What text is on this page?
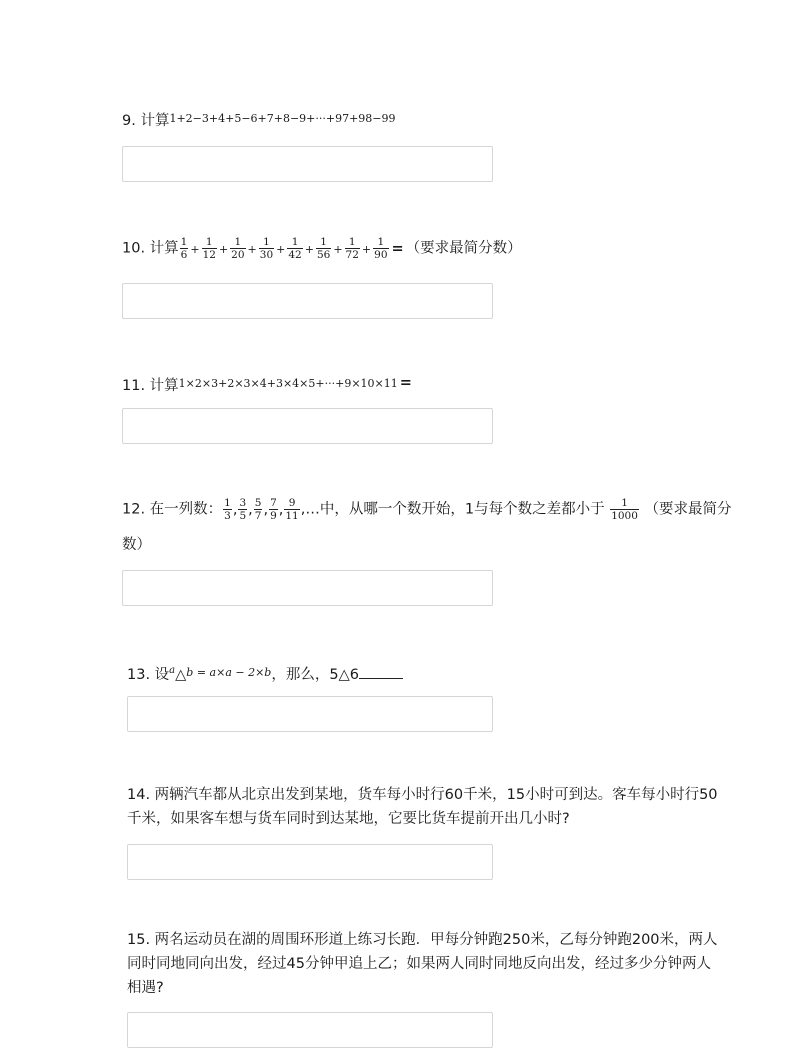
9. 计算$^{1+2-3+4+5-6+7+8-9+\cdot\cdot\cdot+97+98-99}$
10. 计算 $\frac{1}{6} + \frac{1}{12} + \frac{1}{20} + \frac{1}{30} + \frac{1}{42} + \frac{1}{56} + \frac{1}{72} + \frac{1}{90}$ = （要求最简分数）
11. 计算$^{1\times 2\times 3+2\times 3\times 4+3\times 4\times 5+\cdot\cdot\cdot+9\times 10\times 11}$ =
12. 在一列数： $\frac{1}{3}$ , $\frac{3}{5}$ , $\frac{5}{7}$ , $\frac{7}{9}$ , $\frac{9}{11}$ ,…中，从哪一个数开始，1与每个数之差都小于 $\frac{1}{1000}$ （要求最简分
数）
13. 设$^a$△$^{b = a\times a - 2\times b}$，那么，5△6
14. 两辆汽车都从北京出发到某地，货车每小时行60千米，15小时可到达。客车每小时行50
千米，如果客车想与货车同时到达某地，它要比货车提前开出几小时?
15. 两名运动员在湖的周围环形道上练习长跑．甲每分钟跑250米，乙每分钟跑200米，两人
同时同地同向出发，经过45分钟甲追上乙；如果两人同时同地反向出发，经过多少分钟两人
相遇?
